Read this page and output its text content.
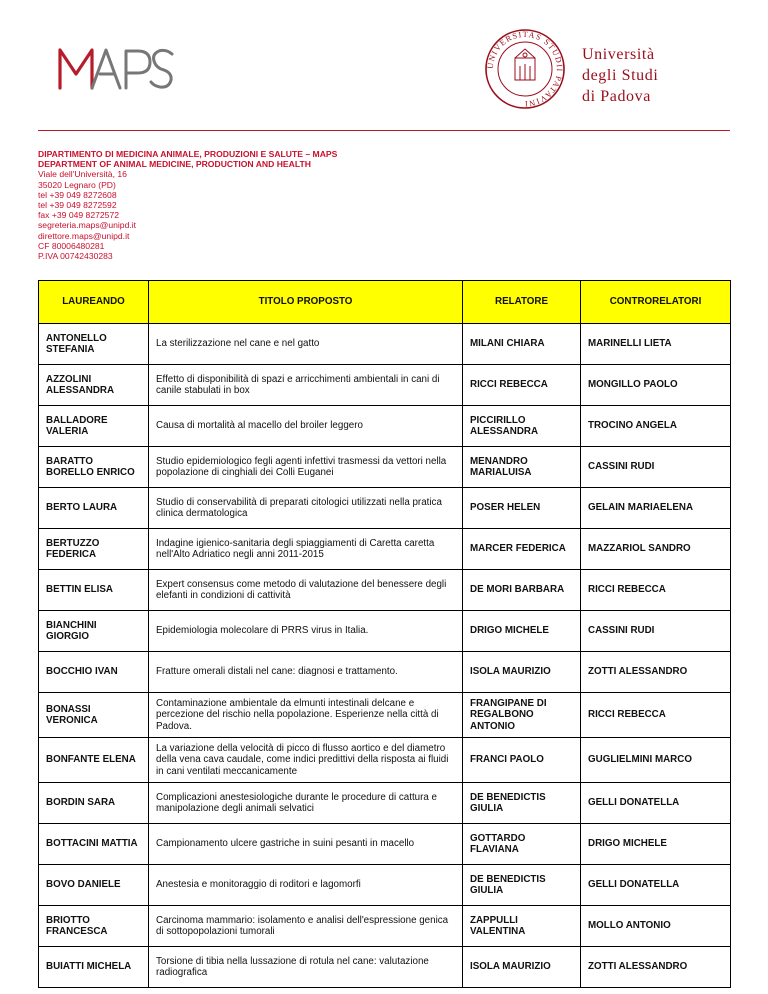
UNIVERSITAS STUDII PATAVINI
Università
degli Studi
di Padova
DIPARTIMENTO DI MEDICINA ANIMALE, PRODUZIONI E SALUTE – MAPS
DEPARTMENT OF ANIMAL MEDICINE, PRODUCTION AND HEALTH
Viale dell'Università, 16
35020 Legnaro (PD)
tel +39 049 8272608
tel +39 049 8272592
fax +39 049 8272572
segreteria.maps@unipd.it
direttore.maps@unipd.it
CF 80006480281
P.IVA 00742430283
LAUREANDO	TITOLO PROPOSTO	RELATORE	CONTRORELATORI
ANTONELLO STEFANIA	La sterilizzazione nel cane e nel gatto	MILANI CHIARA	MARINELLI LIETA
AZZOLINI ALESSANDRA	Effetto di disponibilità di spazi e arricchimenti ambientali in cani di canile stabulati in box	RICCI REBECCA	MONGILLO PAOLO
BALLADORE VALERIA	Causa di mortalità al macello del broiler leggero	PICCIRILLO ALESSANDRA	TROCINO ANGELA
BARATTO BORELLO ENRICO	Studio epidemiologico fegli agenti infettivi trasmessi da vettori nella popolazione di cinghiali dei Colli Euganei	MENANDRO MARIALUISA	CASSINI RUDI
BERTO LAURA	Studio di conservabilità di preparati citologici utilizzati nella pratica clinica dermatologica	POSER HELEN	GELAIN MARIAELENA
BERTUZZO FEDERICA	Indagine igienico-sanitaria degli spiaggiamenti di Caretta caretta nell'Alto Adriatico negli anni 2011-2015	MARCER FEDERICA	MAZZARIOL SANDRO
BETTIN ELISA	Expert consensus come metodo di valutazione del benessere degli elefanti in condizioni di cattività	DE MORI BARBARA	RICCI REBECCA
BIANCHINI GIORGIO	Epidemiologia molecolare di PRRS virus in Italia.	DRIGO MICHELE	CASSINI RUDI
BOCCHIO IVAN	Fratture omerali distali nel cane: diagnosi e trattamento.	ISOLA MAURIZIO	ZOTTI ALESSANDRO
BONASSI VERONICA	Contaminazione ambientale da elmunti intestinali delcane e percezione del rischio nella popolazione. Esperienze nella città di Padova.	FRANGIPANE DI REGALBONO ANTONIO	RICCI REBECCA
BONFANTE ELENA	La variazione della velocità di picco di flusso aortico e del diametro della vena cava caudale, come indici predittivi della risposta ai fluidi in cani ventilati meccanicamente	FRANCI PAOLO	GUGLIELMINI MARCO
BORDIN SARA	Complicazioni anestesiologiche durante le procedure di cattura e manipolazione degli animali selvatici	DE BENEDICTIS GIULIA	GELLI DONATELLA
BOTTACINI MATTIA	Campionamento ulcere gastriche in suini pesanti in macello	GOTTARDO FLAVIANA	DRIGO MICHELE
BOVO DANIELE	Anestesia e monitoraggio di roditori e lagomorfi	DE BENEDICTIS GIULIA	GELLI DONATELLA
BRIOTTO FRANCESCA	Carcinoma mammario: isolamento e analisi dell'espressione genica di sottopopolazioni tumorali	ZAPPULLI VALENTINA	MOLLO ANTONIO
BUIATTI MICHELA	Torsione di tibia nella lussazione di rotula nel cane: valutazione radiografica	ISOLA MAURIZIO	ZOTTI ALESSANDRO
